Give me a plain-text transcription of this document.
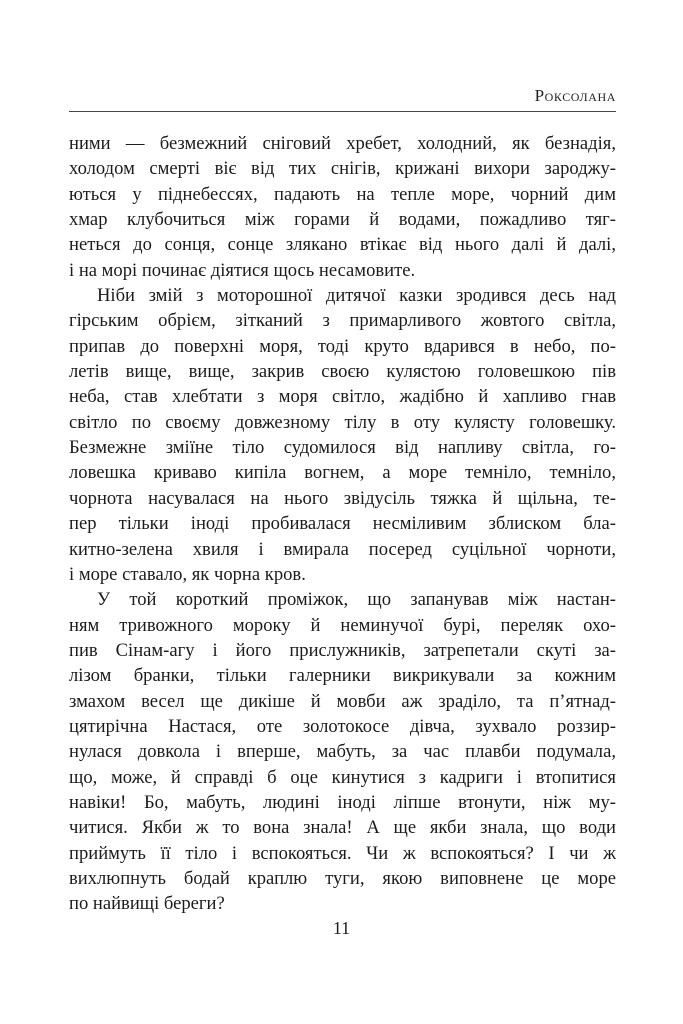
Роксолана
ними — безмежний сніговий хребет, холодний, як безнадія,
холодом смерті віє від тих снігів, крижані вихори зароджу-
ються у піднебессях, падають на тепле море, чорний дим
хмар клубочиться між горами й водами, пожадливо тяг-
неться до сонця, сонце злякано втікає від нього далі й далі,
і на морі починає діятися щось несамовите.
Ніби змій з моторошної дитячої казки зродився десь над
гірським обрієм, зітканий з примарливого жовтого світла,
припав до поверхні моря, тоді круто вдарився в небо, по-
летів вище, вище, закрив своєю кулястою головешкою пів
неба, став хлебтати з моря світло, жадібно й хапливо гнав
світло по своєму довжезному тілу в оту кулясту головешку.
Безмежне зміїне тіло судомилося від напливу світла, го-
ловешка криваво кипіла вогнем, а море темніло, темніло,
чорнота насувалася на нього звідусіль тяжка й щільна, те-
пер тільки іноді пробивалася несміливим зблиском бла-
китно-зелена хвиля і вмирала посеред суцільної чорноти,
і море ставало, як чорна кров.
У той короткий проміжок, що запанував між настан-
ням тривожного мороку й неминучої бурі, переляк охо-
пив Сінам-агу і його прислужників, затрепетали скуті за-
лізом бранки, тільки галерники викрикували за кожним
змахом весел ще дикіше й мовби аж зраділо, та п’ятнад-
цятирічна Настася, оте золотокосе дівча, зухвало роззир-
нулася довкола і вперше, мабуть, за час плавби подумала,
що, може, й справді б оце кинутися з кадриги і втопитися
навіки! Бо, мабуть, людині іноді ліпше втонути, ніж му-
читися. Якби ж то вона знала! А ще якби знала, що води
приймуть її тіло і вспокояться. Чи ж вспокояться? І чи ж
вихлюпнуть бодай краплю туги, якою виповнене це море
по найвищі береги?
11
